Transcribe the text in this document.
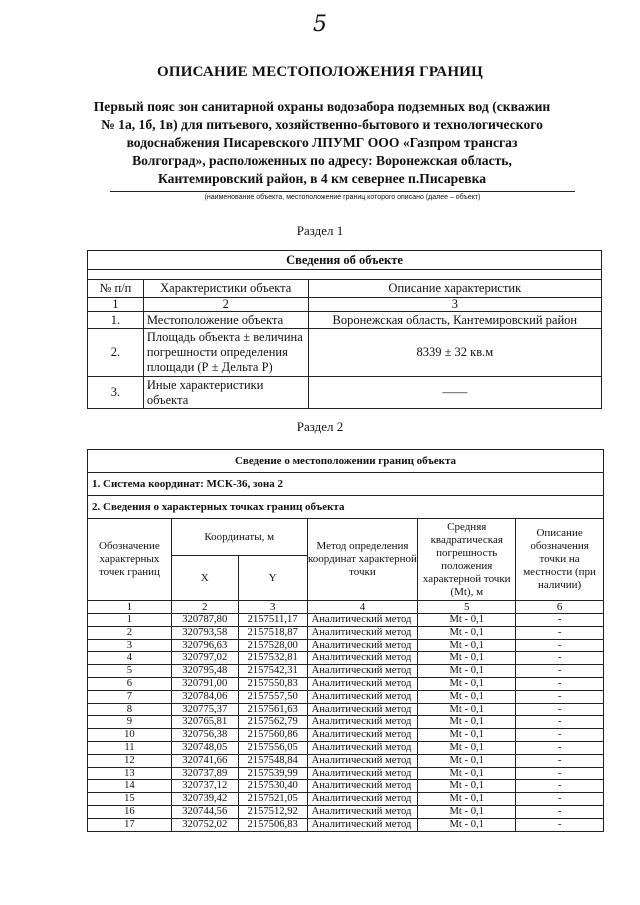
5
ОПИСАНИЕ МЕСТОПОЛОЖЕНИЯ ГРАНИЦ
Первый пояс зон санитарной охраны водозабора подземных вод (скважин № 1а, 1б, 1в) для питьевого, хозяйственно-бытового и технологического водоснабжения Писаревского ЛПУМГ ООО «Газпром трансгаз Волгоград», расположенных по адресу: Воронежская область, Кантемировский район, в 4 км севернее п.Писаревка
(наименование объекта, местоположение границ которого описано (далее – объект)
Раздел 1
Сведения об объекте		

№ п/п	Характеристики объекта	Описание характеристик
1	2	3
1.	Местоположение объекта	Воронежская область, Кантемировский район
2.	Площадь объекта ± величина погрешности определения площади (Р ± Дельта Р)	8339 ± 32 кв.м
3.	Иные характеристики объекта	——
Раздел 2
Сведение о местоположении границ объекта					
1. Система координат: МСК-36, зона 2					
2. Сведения о характерных точках границ объекта					
Обозначение характерных точек границ	Координаты, м		Метод определения координат характерной точки	Средняя квадратическая погрешность положения характерной точки (Мt), м	Описание обозначения точки на местности (при наличии)
	X	Y			
1	2	3	4	5	6
1	320787,80	2157511,17	Аналитический метод	Mt - 0,1	-
2	320793,58	2157518,87	Аналитический метод	Mt - 0,1	-
3	320796,63	2157528,00	Аналитический метод	Mt - 0,1	-
4	320797,02	2157532,81	Аналитический метод	Mt - 0,1	-
5	320795,48	2157542,31	Аналитический метод	Mt - 0,1	-
6	320791,00	2157550,83	Аналитический метод	Mt - 0,1	-
7	320784,06	2157557,50	Аналитический метод	Mt - 0,1	-
8	320775,37	2157561,63	Аналитический метод	Mt - 0,1	-
9	320765,81	2157562,79	Аналитический метод	Mt - 0,1	-
10	320756,38	2157560,86	Аналитический метод	Mt - 0,1	-
11	320748,05	2157556,05	Аналитический метод	Mt - 0,1	-
12	320741,66	2157548,84	Аналитический метод	Mt - 0,1	-
13	320737,89	2157539,99	Аналитический метод	Mt - 0,1	-
14	320737,12	2157530,40	Аналитический метод	Mt - 0,1	-
15	320739,42	2157521,05	Аналитический метод	Mt - 0,1	-
16	320744,56	2157512,92	Аналитический метод	Mt - 0,1	-
17	320752,02	2157506,83	Аналитический метод	Mt - 0,1	-
